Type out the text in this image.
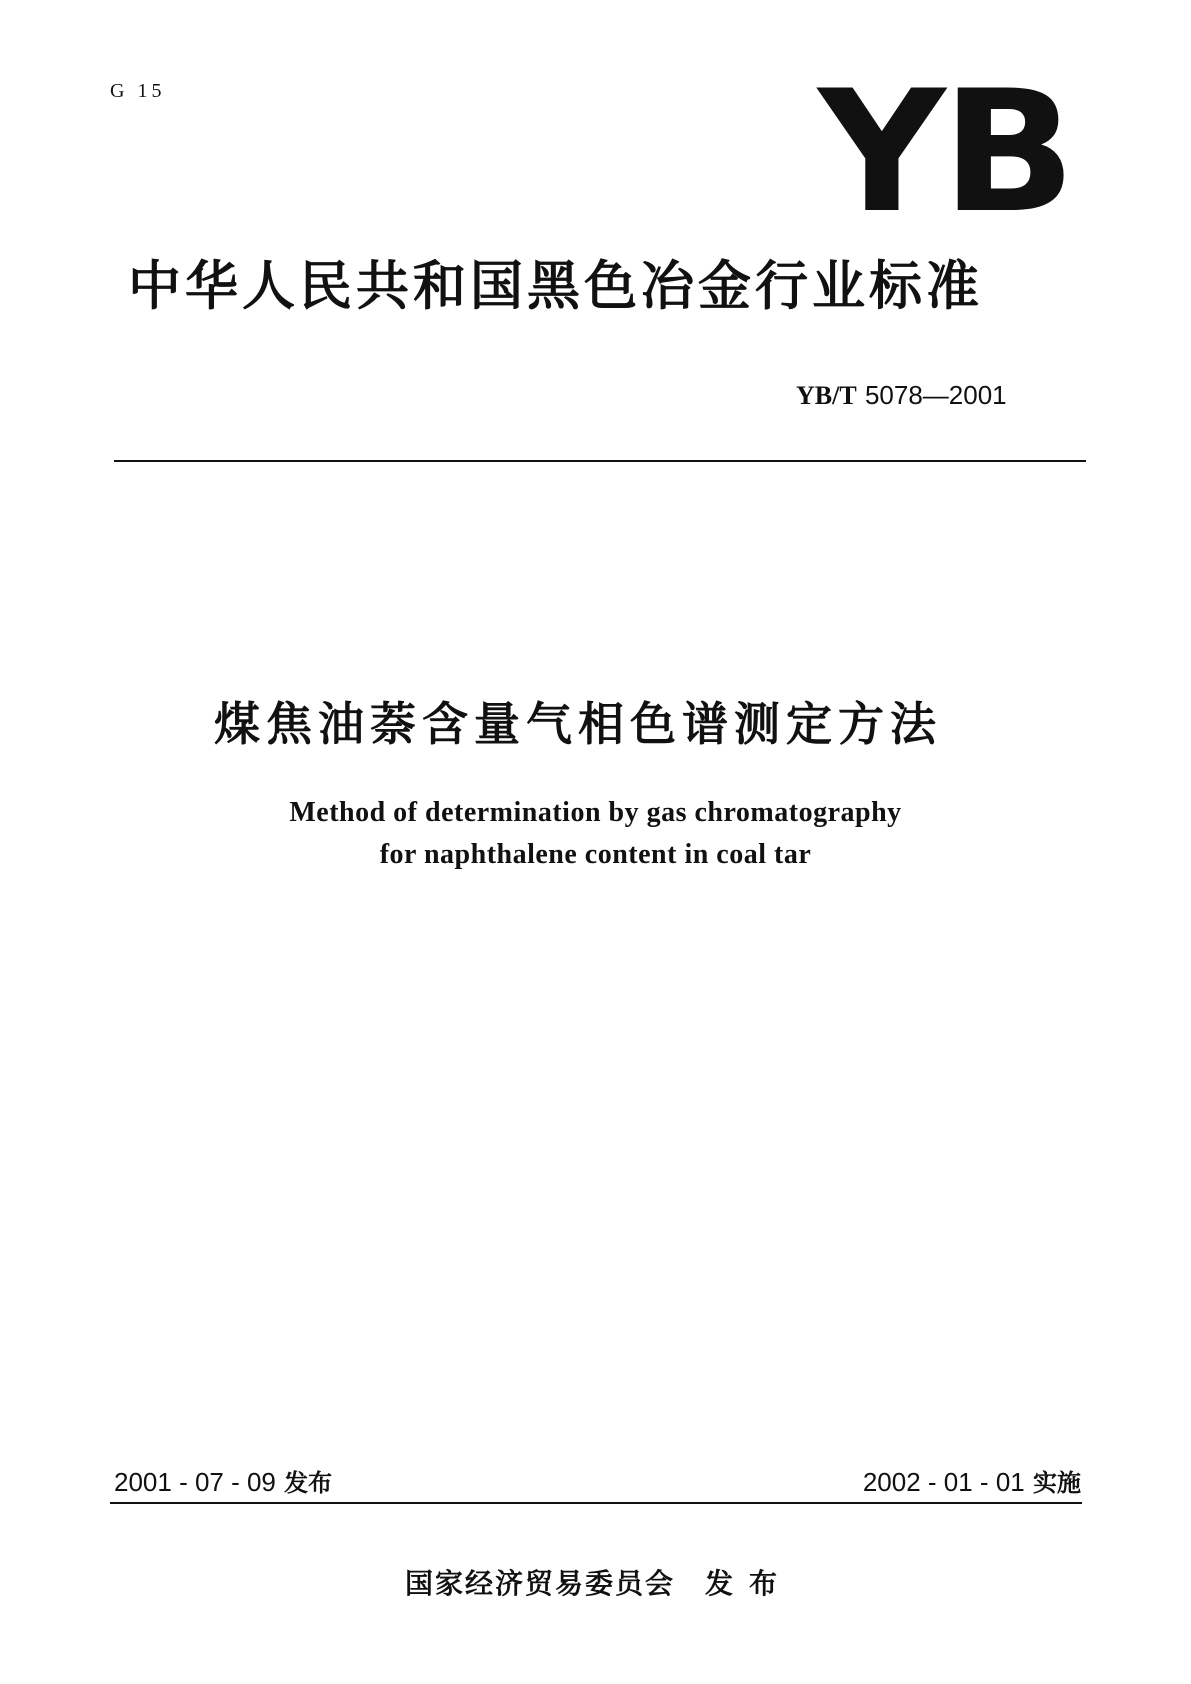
G 15	YB
中华人民共和国黑色冶金行业标准
YB/T 5078—2001
煤焦油萘含量气相色谱测定方法
Method of determination by gas chromatography
for naphthalene content in coal tar
2001 - 07 - 09 发布	2002 - 01 - 01 实施
国家经济贸易委员会 发布
